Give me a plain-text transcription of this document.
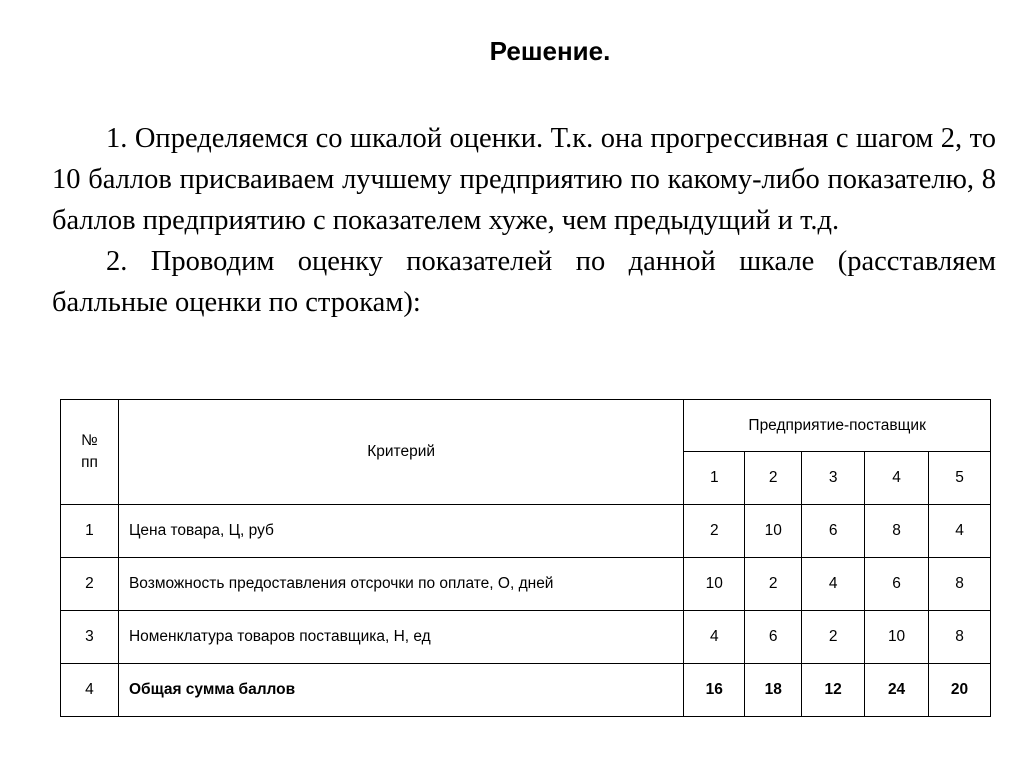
Решение.

1. Определяемся со шкалой оценки. Т.к. она прогрессивная с шагом 2, то 10 баллов присваиваем лучшему предприятию по какому-либо показателю, 8 баллов предприятию с показателем хуже, чем предыдущий и т.д.

2. Проводим оценку показателей по данной шкале (расставляем балльные оценки по строкам):

№
пп	Критерий	Предприятие-поставщик				
		1	2	3	4	5
1	Цена товара, Ц, руб	2	10	6	8	4
2	Возможность предоставления отсрочки по оплате, О, дней	10	2	4	6	8
3	Номенклатура товаров поставщика, Н, ед	4	6	2	10	8
4	Общая сумма баллов	16	18	12	24	20
